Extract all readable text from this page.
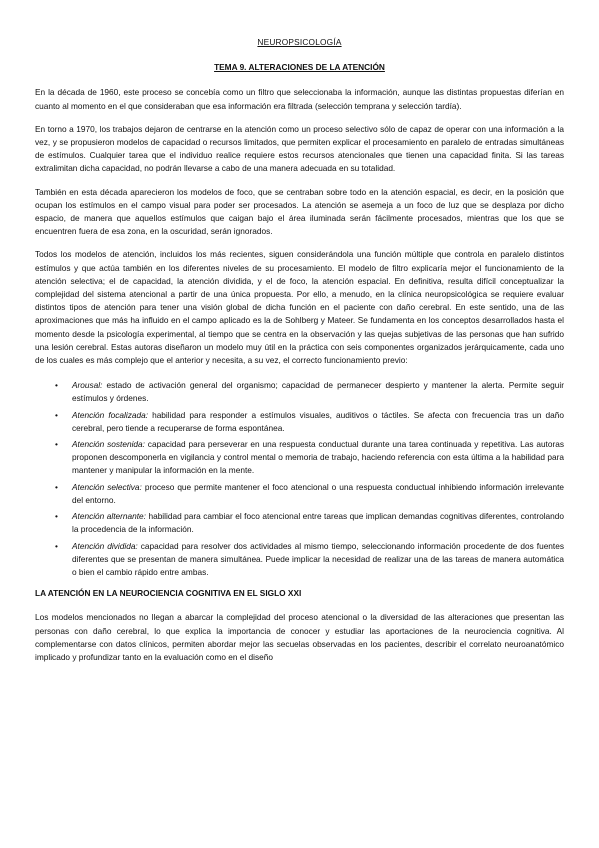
NEUROPSICOLOGÍA
TEMA 9. ALTERACIONES DE LA ATENCIÓN

En la década de 1960, este proceso se concebía como un filtro que seleccionaba la información, aunque las distintas propuestas diferían en cuanto al momento en el que consideraban que esa información era filtrada (selección temprana y selección tardía).

En torno a 1970, los trabajos dejaron de centrarse en la atención como un proceso selectivo sólo de capaz de operar con una información a la vez, y se propusieron modelos de capacidad o recursos limitados, que permiten explicar el procesamiento en paralelo de entradas simultáneas de estímulos. Cualquier tarea que el individuo realice requiere estos recursos atencionales que tienen una capacidad finita. Si las tareas extralimitan dicha capacidad, no podrán llevarse a cabo de una manera adecuada en su totalidad.

También en esta década aparecieron los modelos de foco, que se centraban sobre todo en la atención espacial, es decir, en la posición que ocupan los estímulos en el campo visual para poder ser procesados. La atención se asemeja a un foco de luz que se desplaza por dicho espacio, de manera que aquellos estímulos que caigan bajo el área iluminada serán fácilmente procesados, mientras que los que se encuentren fuera de esa zona, en la oscuridad, serán ignorados.

Todos los modelos de atención, incluidos los más recientes, siguen considerándola una función múltiple que controla en paralelo distintos estímulos y que actúa también en los diferentes niveles de su procesamiento. El modelo de filtro explicaría mejor el funcionamiento de la atención selectiva; el de capacidad, la atención dividida, y el de foco, la atención espacial. En definitiva, resulta difícil conceptualizar la complejidad del sistema atencional a partir de una única propuesta. Por ello, a menudo, en la clínica neuropsicológica se requiere evaluar distintos tipos de atención para tener una visión global de dicha función en el paciente con daño cerebral. En este sentido, una de las aproximaciones que más ha influido en el campo aplicado es la de Sohlberg y Mateer. Se fundamenta en los conceptos desarrollados hasta el momento desde la psicología experimental, al tiempo que se centra en la observación y las quejas subjetivas de las personas que han sufrido una lesión cerebral. Estas autoras diseñaron un modelo muy útil en la práctica con seis componentes organizados jerárquicamente, cada uno de los cuales es más complejo que el anterior y necesita, a su vez, el correcto funcionamiento previo:

• Arousal: estado de activación general del organismo; capacidad de permanecer despierto y mantener la alerta. Permite seguir estímulos y órdenes.
• Atención focalizada: habilidad para responder a estímulos visuales, auditivos o táctiles. Se afecta con frecuencia tras un daño cerebral, pero tiende a recuperarse de forma espontánea.
• Atención sostenida: capacidad para perseverar en una respuesta conductual durante una tarea continuada y repetitiva. Las autoras proponen descomponerla en vigilancia y control mental o memoria de trabajo, haciendo referencia con esta última a la habilidad para mantener y manipular la información en la mente.
• Atención selectiva: proceso que permite mantener el foco atencional o una respuesta conductual inhibiendo información irrelevante del entorno.
• Atención alternante: habilidad para cambiar el foco atencional entre tareas que implican demandas cognitivas diferentes, controlando la procedencia de la información.
• Atención dividida: capacidad para resolver dos actividades al mismo tiempo, seleccionando información procedente de dos fuentes diferentes que se presentan de manera simultánea. Puede implicar la necesidad de realizar una de las tareas de manera automática o bien el cambio rápido entre ambas.
LA ATENCIÓN EN LA NEUROCIENCIA COGNITIVA EN EL SIGLO XXI

Los modelos mencionados no llegan a abarcar la complejidad del proceso atencional o la diversidad de las alteraciones que presentan las personas con daño cerebral, lo que explica la importancia de conocer y estudiar las aportaciones de la neurociencia cognitiva. Al complementarse con datos clínicos, permiten abordar mejor las secuelas observadas en los pacientes, describir el correlato neuroanatómico implicado y profundizar tanto en la evaluación como en el diseño
